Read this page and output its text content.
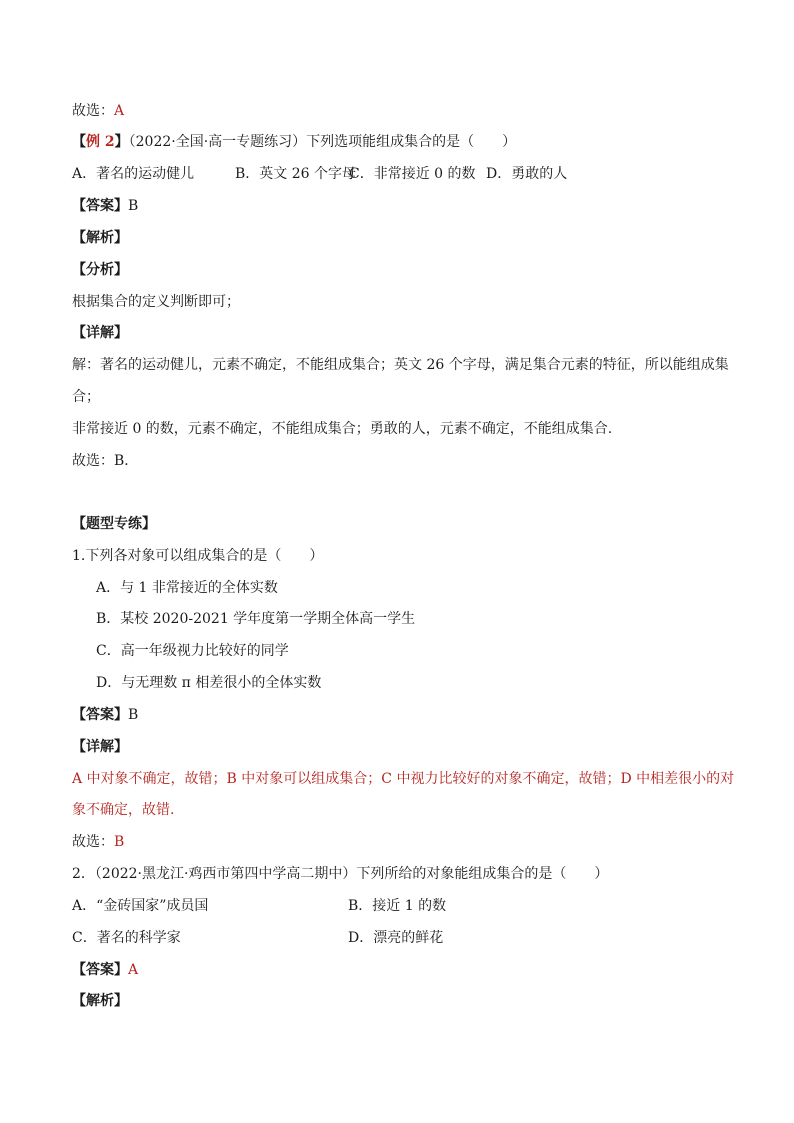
故选：A
【例 2】（2022·全国·高一专题练习）下列选项能组成集合的是（　　）
A．著名的运动健儿	B．英文 26 个字母C．非常接近 0 的数 D．勇敢的人
【答案】B
【解析】
【分析】
根据集合的定义判断即可；
【详解】
解：著名的运动健儿，元素不确定，不能组成集合；英文 26 个字母，满足集合元素的特征，所以能组成集
合；
非常接近 0 的数，元素不确定，不能组成集合；勇敢的人，元素不确定，不能组成集合.
故选：B．
【题型专练】
1.下列各对象可以组成集合的是（　　）
A．与 1 非常接近的全体实数
B．某校 2020-2021 学年度第一学期全体高一学生
C．高一年级视力比较好的同学
D．与无理数 π 相差很小的全体实数
【答案】B
【详解】
A 中对象不确定，故错；B 中对象可以组成集合；C 中视力比较好的对象不确定，故错；D 中相差很小的对
象不确定，故错.
故选：B
2．（2022·黑龙江·鸡西市第四中学高二期中）下列所给的对象能组成集合的是（　　）
A．“金砖国家”成员国	B．接近 1 的数
C．著名的科学家	D．漂亮的鲜花
【答案】A
【解析】
